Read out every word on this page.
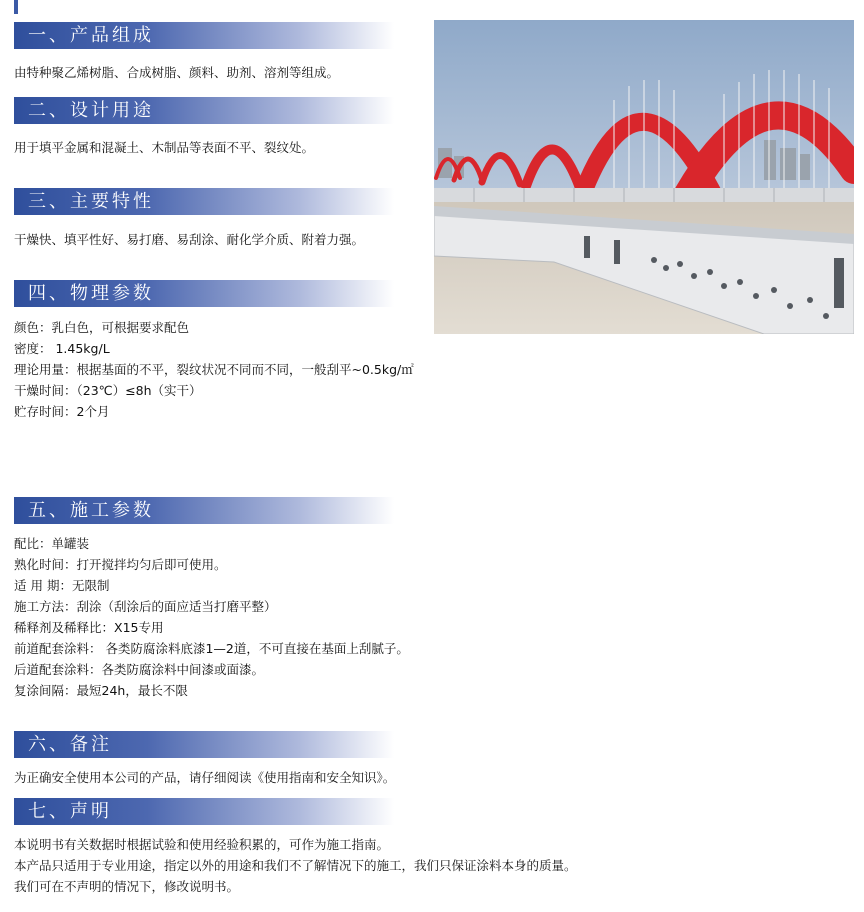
一、产品组成
由特种聚乙烯树脂、合成树脂、颜料、助剂、溶剂等组成。
二、设计用途
用于填平金属和混凝土、木制品等表面不平、裂纹处。
三、主要特性
干燥快、填平性好、易打磨、易刮涂、耐化学介质、附着力强。
四、物理参数
颜色：乳白色，可根据要求配色
密度： 1.45kg/L
理论用量：根据基面的不平，裂纹状况不同而不同，一般刮平~0.5kg/㎡
干燥时间：（23℃）≤8h（实干）
贮存时间：2个月
五、施工参数
配比：单罐装
熟化时间：打开搅拌均匀后即可使用。
适 用 期：无限制
施工方法：刮涂（刮涂后的面应适当打磨平整）
稀释剂及稀释比：X15专用
前道配套涂料： 各类防腐涂料底漆1—2道，不可直接在基面上刮腻子。
后道配套涂料：各类防腐涂料中间漆或面漆。
复涂间隔：最短24h，最长不限
六、备注
为正确安全使用本公司的产品，请仔细阅读《使用指南和安全知识》。
七、声明
本说明书有关数据时根据试验和使用经验积累的，可作为施工指南。
本产品只适用于专业用途，指定以外的用途和我们不了解情况下的施工，我们只保证涂料本身的质量。
我们可在不声明的情况下，修改说明书。
